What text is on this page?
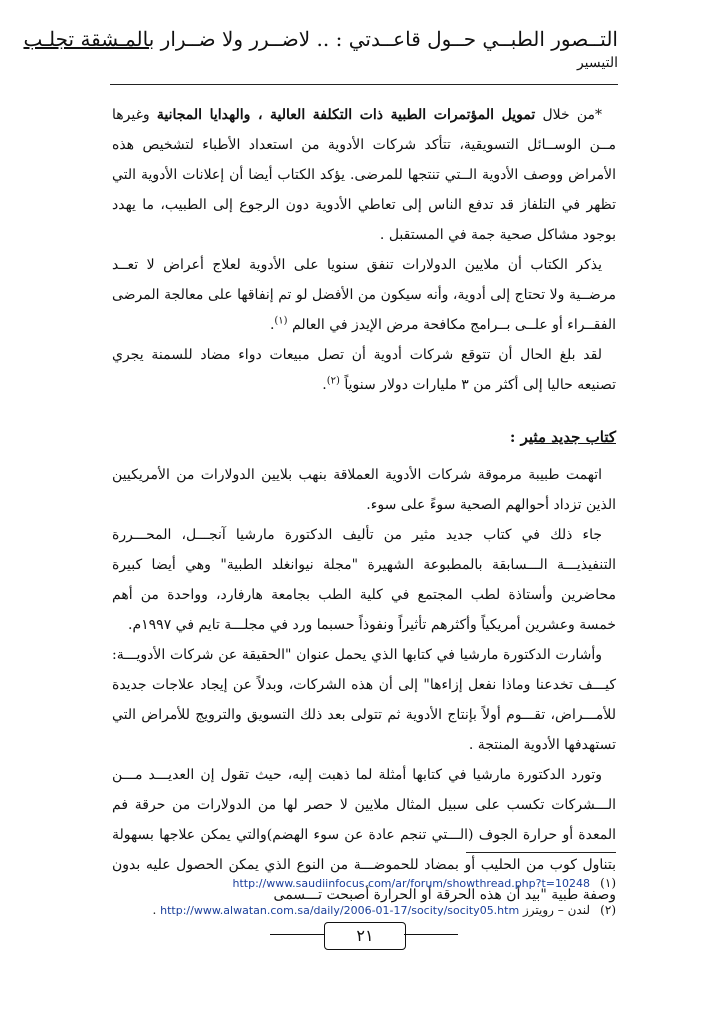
التــصور الطبــي حــول قاعــدتي : .. لاضــرر ولا ضــرار بالمـشقة تجلـب
التيسير

*من خلال تمويل المؤتمرات الطبية ذات التكلفة العالية ، والهدايا المجانية وغيرها مــن الوســائل التسويقية، تتأكد شركات الأدوية من استعداد الأطباء لتشخيص هذه الأمراض ووصف الأدوية الــتي تنتجها للمرضى. يؤكد الكتاب أيضا أن إعلانات الأدوية التي تظهر في التلفاز قد تدفع الناس إلى تعاطي الأدوية دون الرجوع إلى الطبيب، ما يهدد بوجود مشاكل صحية جمة في المستقبل .

يذكر الكتاب أن ملايين الدولارات تنفق سنويا على الأدوية لعلاج أعراض لا تعــد مرضــية ولا تحتاج إلى أدوية، وأنه سيكون من الأفضل لو تم إنفاقها على معالجة المرضى الفقــراء أو علــى بــرامج مكافحة مرض الإيدز في العالم $^{(١)}$.

لقد بلغ الحال أن تتوقع شركات أدوية أن تصل مبيعات دواء مضاد للسمنة يجري تصنيعه حاليا إلى أكثر من ٣ مليارات دولار سنوياً $^{(٢)}$.

كتاب جديد مثير :

اتهمت طبيبة مرموقة شركات الأدوية العملاقة بنهب بلايين الدولارات من الأمريكيين الذين تزداد أحوالهم الصحية سوءً على سوء.

جاء ذلك في كتاب جديد مثير من تأليف الدكتورة مارشيا آنجـــل، المحـــررة التنفيذيـــة الـــسابقة بالمطبوعة الشهيرة "مجلة نيوانغلد الطبية" وهي أيضا كبيرة محاضرين وأستاذة لطب المجتمع في كلية الطب بجامعة هارفارد، وواحدة من أهم خمسة وعشرين أمريكياً وأكثرهم تأثيراً ونفوذاً حسبما ورد في مجلـــة تايم في ١٩٩٧م.

وأشارت الدكتورة مارشيا في كتابها الذي يحمل عنوان "الحقيقة عن شركات الأدويـــة: كيـــف تخدعنا وماذا نفعل إزاءها" إلى أن هذه الشركات، وبدلاً عن إيجاد علاجات جديدة للأمـــراض، تقـــوم أولاً بإنتاج الأدوية ثم تتولى بعد ذلك التسويق والترويج للأمراض التي تستهدفها الأدوية المنتجة .

وتورد الدكتورة مارشيا في كتابها أمثلة لما ذهبت إليه، حيث تقول إن العديـــد مـــن الـــشركات تكسب على سبيل المثال ملايين لا حصر لها من الدولارات من حرقة فم المعدة أو حرارة الجوف (الـــتي تنجم عادة عن سوء الهضم)والتي يمكن علاجها بسهولة بتناول كوب من الحليب أو بمضاد للحموضـــة من النوع الذي يمكن الحصول عليه بدون وصفة طبية "بيد أن هذه الحرقة أو الحرارة أصبحت تـــسمى

(١)http://www.saudiinfocus.com/ar/forum/showthread.php?t=10248
(٢)لندن – رويترز http://www.alwatan.com.sa/daily/2006-01-17/socity/socity05.htm .
٢١
